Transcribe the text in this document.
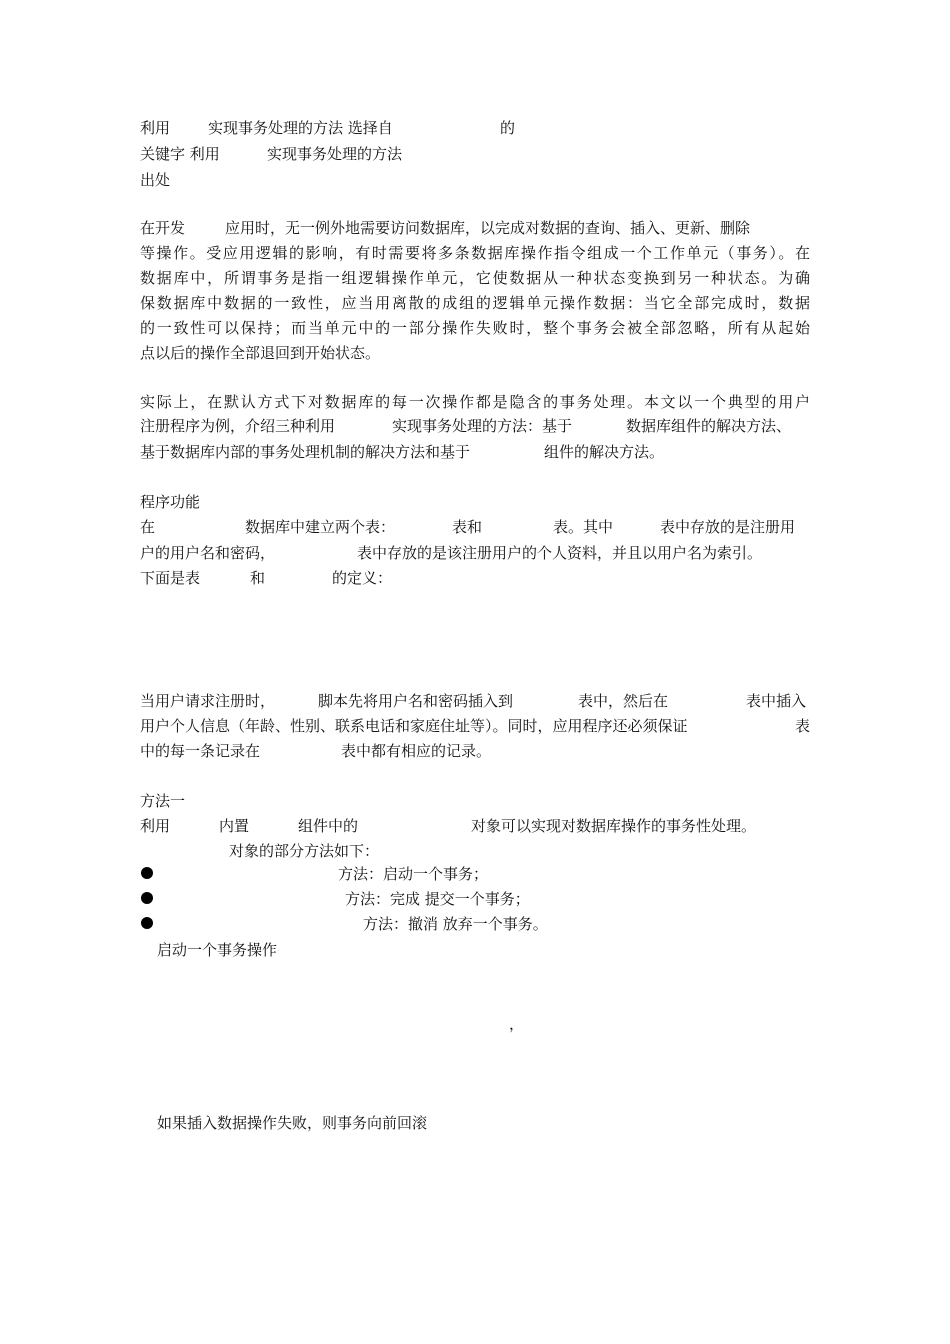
利用	实现事务处理的方法 选择自	的
关键字 利用	实现事务处理的方法
出处
在开发	应用时，无一例外地需要访问数据库，以完成对数据的查询、插入、更新、删除
等操作。受应用逻辑的影响，有时需要将多条数据库操作指令组成一个工作单元（事务）。在
数据库中，所谓事务是指一组逻辑操作单元，它使数据从一种状态变换到另一种状态。为确
保数据库中数据的一致性，应当用离散的成组的逻辑单元操作数据：当它全部完成时，数据
的一致性可以保持；而当单元中的一部分操作失败时，整个事务会被全部忽略，所有从起始
点以后的操作全部退回到开始状态。
实际上，在默认方式下对数据库的每一次操作都是隐含的事务处理。本文以一个典型的用户
注册程序为例，介绍三种利用	实现事务处理的方法：基于	数据库组件的解决方法、
基于数据库内部的事务处理机制的解决方法和基于	组件的解决方法。
程序功能
在	数据库中建立两个表：	表和	表。其中	表中存放的是注册用
户的用户名和密码，	表中存放的是该注册用户的个人资料，并且以用户名为索引。
下面是表	和	的定义：
当用户请求注册时，	脚本先将用户名和密码插入到	表中，然后在	表中插入
用户个人信息（年龄、性别、联系电话和家庭住址等）。同时，应用程序还必须保证	表
中的每一条记录在	表中都有相应的记录。
方法一
利用	内置	组件中的	对象可以实现对数据库操作的事务性处理。
对象的部分方法如下：
方法：启动一个事务；
方法：完成 提交一个事务；
方法：撤消 放弃一个事务。
启动一个事务操作
，
如果插入数据操作失败，则事务向前回滚
